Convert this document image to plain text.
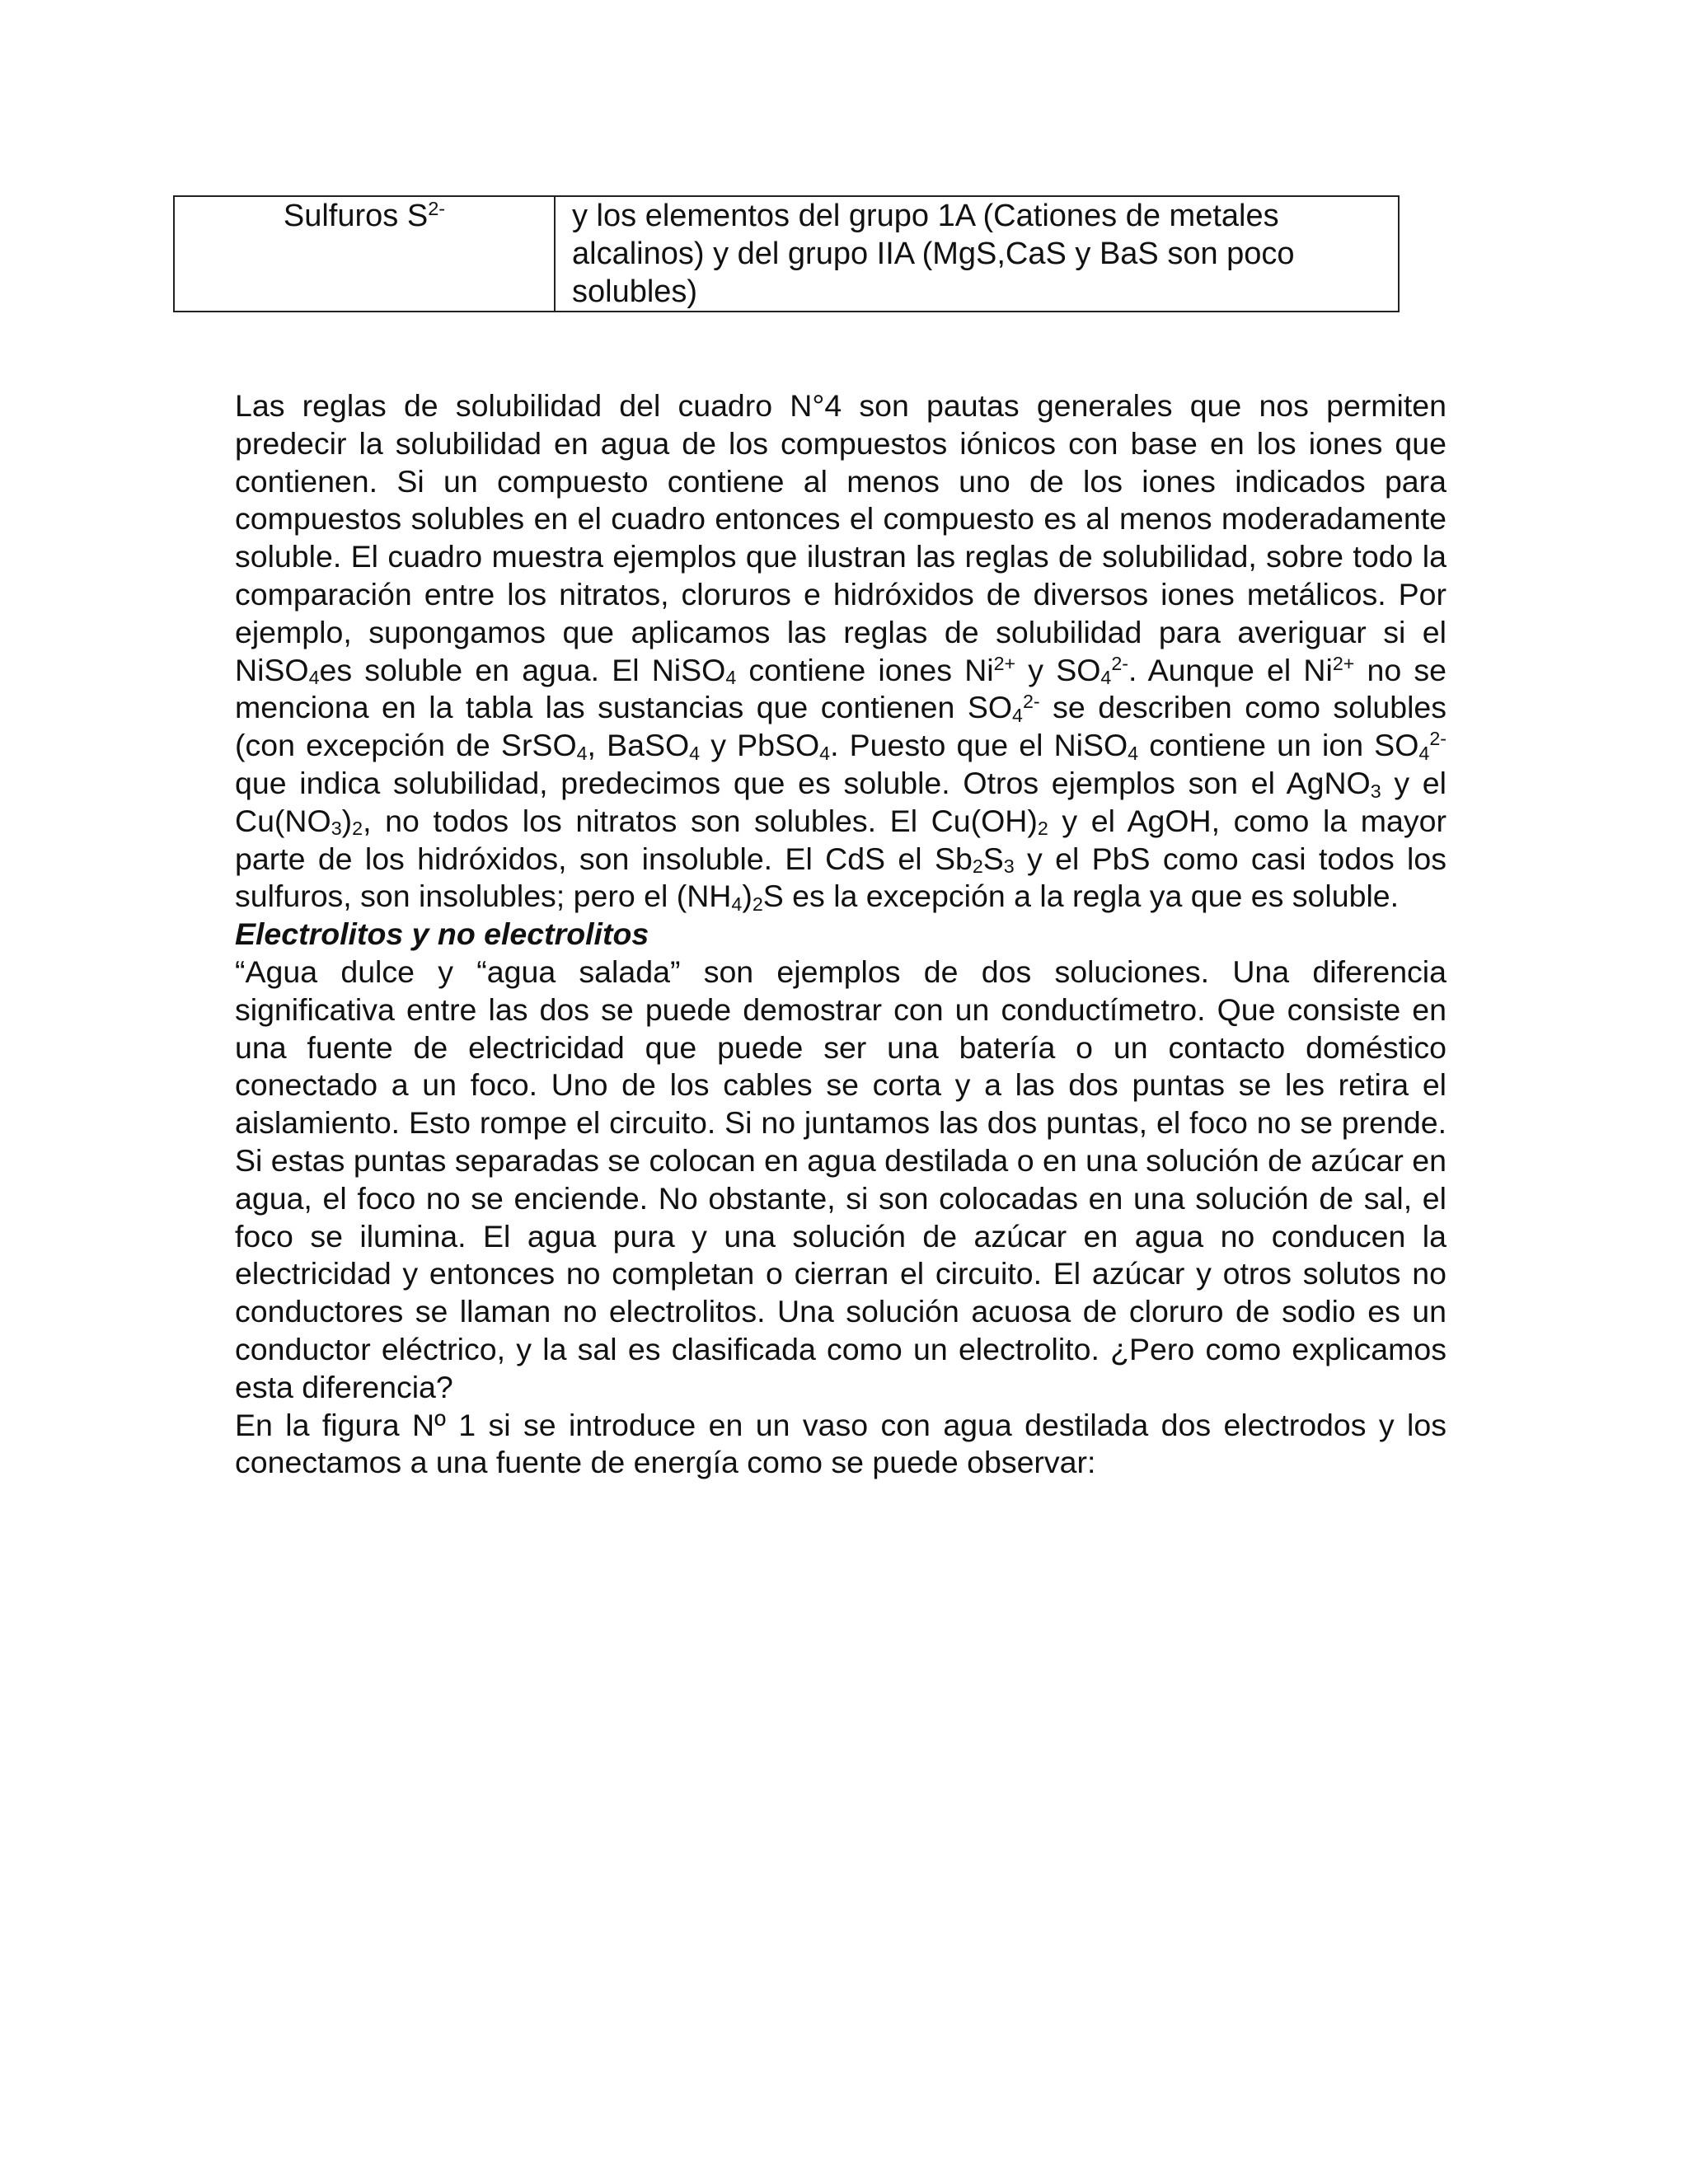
Sulfuros $S^{2-}$	y los elementos del grupo 1A (Cationes de metales alcalinos) y del grupo IIA (MgS,CaS y BaS son poco solubles)

Las reglas de solubilidad del cuadro N°4 son pautas generales que nos permiten predecir la solubilidad en agua de los compuestos iónicos con base en los iones que contienen. Si un compuesto contiene al menos uno de los iones indicados para compuestos solubles en el cuadro entonces el compuesto es al menos moderadamente soluble. El cuadro muestra ejemplos que ilustran las reglas de solubilidad, sobre todo la comparación entre los nitratos, cloruros e hidróxidos de diversos iones metálicos. Por ejemplo, supongamos que aplicamos las reglas de solubilidad para averiguar si el NiSO$_4$es soluble en agua. El NiSO$_4$ contiene iones $Ni^{2+}$ y $SO_4^{2-}$. Aunque el $Ni^{2+}$ no se menciona en la tabla las sustancias que contienen $SO_4^{2-}$ se describen como solubles (con excepción de SrSO$_4$, BaSO$_4$ y PbSO$_4$. Puesto que el NiSO$_4$ contiene un ion $SO_4^{2-}$ que indica solubilidad, predecimos que es soluble. Otros ejemplos son el AgNO$_3$ y el $Cu(NO_3)_2$, no todos los nitratos son solubles. El $Cu(OH)_2$ y el AgOH, como la mayor parte de los hidróxidos, son insoluble. El CdS el $Sb_2S_3$ y el PbS como casi todos los sulfuros, son insolubles; pero el $(NH_4)_2S$ es la excepción a la regla ya que es soluble.

Electrolitos y no electrolitos

“Agua dulce y “agua salada” son ejemplos de dos soluciones. Una diferencia significativa entre las dos se puede demostrar con un conductímetro. Que consiste en una fuente de electricidad que puede ser una batería o un contacto doméstico conectado a un foco. Uno de los cables se corta y a las dos puntas se les retira el aislamiento. Esto rompe el circuito. Si no juntamos las dos puntas, el foco no se prende. Si estas puntas separadas se colocan en agua destilada o en una solución de azúcar en agua, el foco no se enciende. No obstante, si son colocadas en una solución de sal, el foco se ilumina. El agua pura y una solución de azúcar en agua no conducen la electricidad y entonces no completan o cierran el circuito. El azúcar y otros solutos no conductores se llaman no electrolitos. Una solución acuosa de cloruro de sodio es un conductor eléctrico, y la sal es clasificada como un electrolito. ¿Pero como explicamos esta diferencia?

En la figura Nº 1 si se introduce en un vaso con agua destilada dos electrodos y los conectamos a una fuente de energía como se puede observar:
